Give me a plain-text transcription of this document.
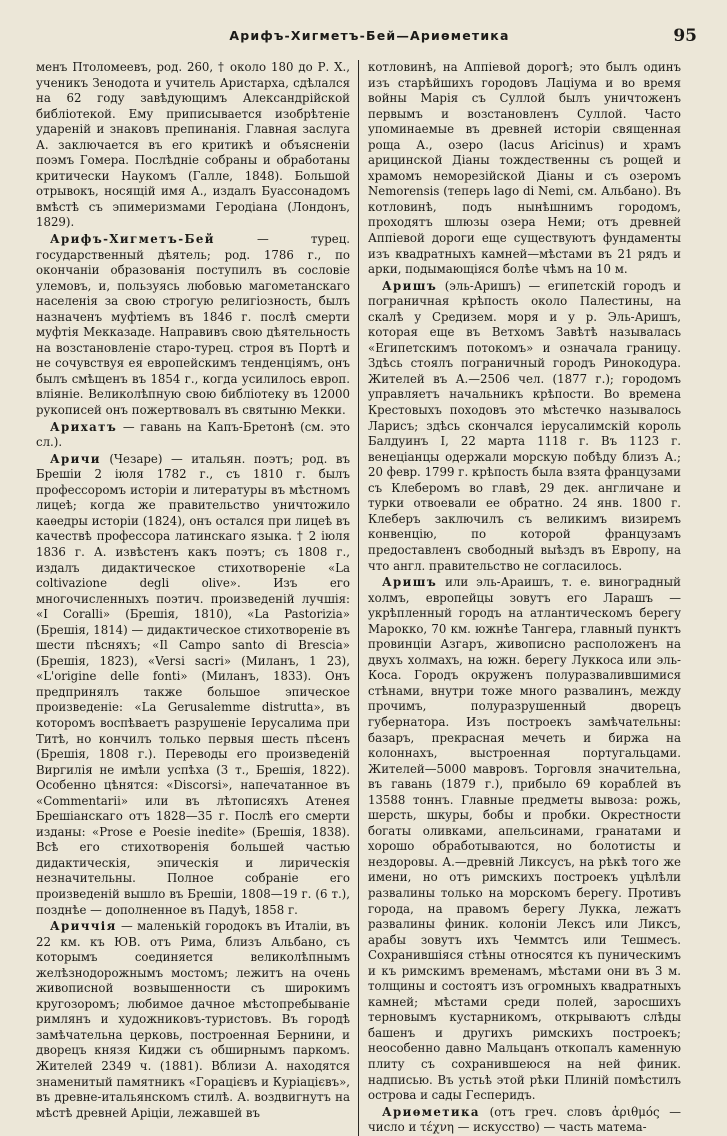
Арифъ-Хигметъ-Бей—Ариѳметика	95

менъ Птоломеевъ, род. 260, † около 180 до Р. Х., ученикъ Зенодота и учитель Аристарха, сдѣлался на 62 году завѣдующимъ Александрійской библіотекой. Ему приписывается изобрѣтеніе удареній и знаковъ препинанія. Главная заслуга А. заключается въ его критикѣ и объясненіи поэмъ Гомера. Послѣдніе собраны и обработаны критически Наукомъ (Галле, 1848). Большой отрывокъ, носящій имя А., издалъ Буассонадомъ вмѣстѣ съ эпимеризмами Геродіана (Лондонъ, 1829).

Арифъ-Хигметъ-Бей — турец. государственный дѣятель; род. 1786 г., по окончаніи образованія поступилъ въ сословіе улемовъ, и, пользуясь любовью магометанскаго населенія за свою строгую религіозность, былъ назначенъ муфтіемъ въ 1846 г. послѣ смерти муфтія Мекказаде. Направивъ свою дѣятельность на возстановленіе старо-турец. строя въ Портѣ и не сочувствуя ея европейскимъ тенденціямъ, онъ былъ смѣщенъ въ 1854 г., когда усилилось европ. вліяніе. Великолѣпную свою библіотеку въ 12000 рукописей онъ пожертвовалъ въ святыню Мекки.

Арихатъ — гавань на Капъ-Бретонѣ (см. это сл.).

Аричи (Чезаре) — итальян. поэтъ; род. въ Брешіи 2 іюля 1782 г., съ 1810 г. былъ профессоромъ исторіи и литературы въ мѣстномъ лицеѣ; когда же правительство уничтожило каѳедры исторіи (1824), онъ остался при лицеѣ въ качествѣ профессора латинскаго языка. † 2 іюля 1836 г. А. извѣстенъ какъ поэтъ; съ 1808 г., издалъ дидактическое стихотвореніе «La coltivazione degli olive». Изъ его многочисленныхъ поэтич. произведеній лучшія: «I Coralli» (Брешія, 1810), «La Pastorizia» (Брешія, 1814) — дидактическое стихотвореніе въ шести пѣсняхъ; «Il Campo santo di Brescia» (Брешія, 1823), «Versi sacri» (Миланъ, 1 23), «L'origine delle fonti» (Миланъ, 1833). Онъ предпринялъ также большое эпическое произведеніе: «La Gerusalemme distrutta», въ которомъ воспѣваетъ разрушеніе Іерусалима при Титѣ, но кончилъ только первыя шесть пѣсенъ (Брешія, 1808 г.). Переводы его произведеній Виргилія не имѣли успѣха (3 т., Брешія, 1822). Особенно цѣнятся: «Discorsi», напечатанное въ «Commentarii» или въ лѣтописяхъ Атенея Брешіанскаго отъ 1828—35 г. Послѣ его смерти изданы: «Prose e Poesie inedite» (Брешія, 1838). Всѣ его стихотворенія большей частью дидактическія, эпическія и лирическія незначительны. Полное собраніе его произведеній вышло въ Брешіи, 1808—19 г. (6 т.), позднѣе — дополненное въ Падуѣ, 1858 г.

Ариччія — маленькій городокъ въ Италіи, въ 22 км. къ ЮВ. отъ Рима, близъ Альбано, съ которымъ соединяется великолѣпнымъ желѣзнодорожнымъ мостомъ; лежитъ на очень живописной возвышенности съ широкимъ кругозоромъ; любимое дачное мѣстопребываніе римлянъ и художниковъ-туристовъ. Въ городѣ замѣчательна церковь, построенная Бернини, и дворецъ князя Киджи съ обширнымъ паркомъ. Жителей 2349 ч. (1881). Вблизи А. находятся знаменитый памятникъ «Горацієвъ и Куріацієвъ», въ древне-итальянскомъ стилѣ. А. воздвигнутъ на мѣстѣ древней Арiціи, лежавшей въ

котловинѣ, на Аппіевой дорогѣ; это былъ одинъ изъ старѣйшихъ городовъ Лаціума и во время войны Марія съ Суллой былъ уничтоженъ первымъ и возстановленъ Суллой. Часто упоминаемые въ древней исторіи священная роща А., озеро (lacus Aricinus) и храмъ арицинской Діаны тождественны съ рощей и храмомъ неморезійской Діаны и съ озеромъ Nemorensis (теперь lago di Nemi, см. Альбано). Въ котловинѣ, подъ нынѣшнимъ городомъ, проходятъ шлюзы озера Неми; отъ древней Аппіевой дороги еще существуютъ фундаменты изъ квадратныхъ камней—мѣстами въ 21 рядъ и арки, подымающіяся болѣе чѣмъ на 10 м.

Аришъ (эль-Аришъ) — египетскій городъ и пограничная крѣпость около Палестины, на скалѣ у Средизем. моря и у р. Эль-Аришъ, которая еще въ Ветхомъ Завѣтѣ называлась «Египетскимъ потокомъ» и означала границу. Здѣсь стоялъ пограничный городъ Ринокодура. Жителей въ А.—2506 чел. (1877 г.); городомъ управляетъ начальникъ крѣпости. Во времена Крестовыхъ походовъ это мѣстечко называлось Ларисъ; здѣсь скончался іерусалимскій король Балдуинъ I, 22 марта 1118 г. Въ 1123 г. венеціанцы одержали морскую побѣду близъ А.; 20 февр. 1799 г. крѣпость была взята французами съ Клеберомъ во главѣ, 29 дек. англичане и турки отвоевали ее обратно. 24 янв. 1800 г. Клеберъ заключилъ съ великимъ визиремъ конвенцію, по которой французамъ предоставленъ свободный выѣздъ въ Европу, на что англ. правительство не согласилось.

Аришъ или эль-Араишъ, т. е. виноградный холмъ, европейцы зовутъ его Ларашъ — укрѣпленный городъ на атлантическомъ берегу Марокко, 70 км. южнѣе Тангера, главный пунктъ провинціи Азгаръ, живописно расположенъ на двухъ холмахъ, на южн. берегу Луккоса или эль-Коса. Городъ окруженъ полуразвалившимися стѣнами, внутри тоже много развалинъ, между прочимъ, полуразрушенный дворецъ губернатора. Изъ построекъ замѣчательны: базаръ, прекрасная мечеть и биржа на колоннахъ, выстроенная португальцами. Жителей—5000 мавровъ. Торговля значительна, въ гавань (1879 г.), прибыло 69 кораблей въ 13588 тоннъ. Главные предметы вывоза: рожь, шерсть, шкуры, бобы и пробки. Окрестности богаты оливками, апельсинами, гранатами и хорошо обработываются, но болотисты и нездоровы. А.—древній Ликсусъ, на рѣкѣ того же имени, но отъ римскихъ построекъ уцѣлѣли развалины только на морскомъ берегу. Противъ города, на правомъ берегу Лукка, лежатъ развалины финик. колоніи Лексъ или Ликсъ, арабы зовутъ ихъ Чеммтсъ или Тешмесъ. Сохранившіяся стѣны относятся къ пуническимъ и къ римскимъ временамъ, мѣстами они въ 3 м. толщины и состоятъ изъ огромныхъ квадратныхъ камней; мѣстами среди полей, заросшихъ терновымъ кустарникомъ, открываютъ слѣды башенъ и другихъ римскихъ построекъ; неособенно давно Мальцанъ откопалъ каменную плиту съ сохранившеюся на ней финик. надписью. Въ устьѣ этой рѣки Плиній помѣстилъ острова и сады Гесперидъ.

Ариѳметика (отъ греч. словъ ἀριθμός — число и τέχνη — искусство) — часть матема-
